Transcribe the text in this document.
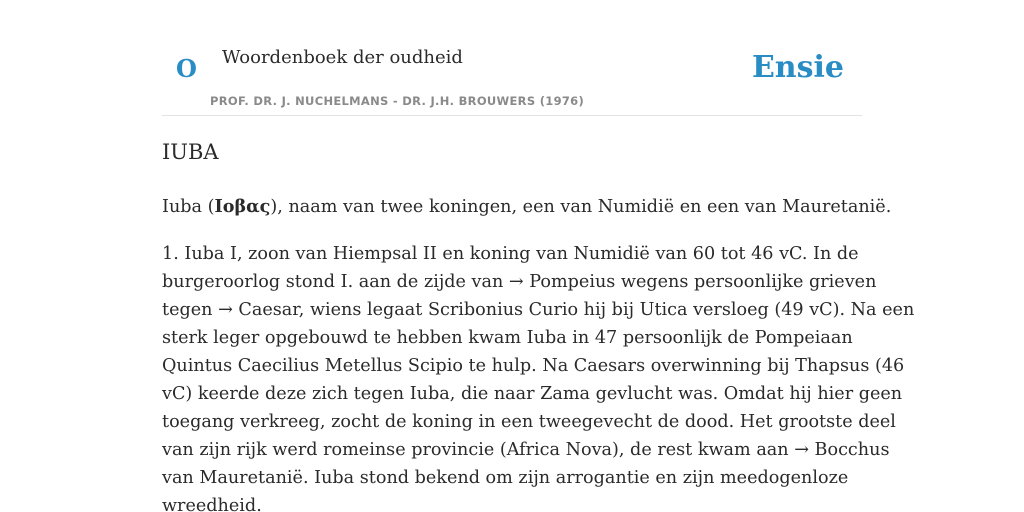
O Woordenboek der oudheid
PROF. DR. J. NUCHELMANS - DR. J.H. BROUWERS (1976)
Ensie
IUBA

Iuba (Ιοβας), naam van twee koningen, een van Numidië en een van Mauretanië.

1. Iuba I, zoon van Hiempsal II en koning van Numidië van 60 tot 46 vC. In de
burgeroorlog stond I. aan de zijde van → Pompeius wegens persoonlijke grieven
tegen → Caesar, wiens legaat Scribonius Curio hij bij Utica versloeg (49 vC). Na een
sterk leger opgebouwd te hebben kwam Iuba in 47 persoonlijk de Pompeiaan
Quintus Caecilius Metellus Scipio te hulp. Na Caesars overwinning bij Thapsus (46
vC) keerde deze zich tegen Iuba, die naar Zama gevlucht was. Omdat hij hier geen
toegang verkreeg, zocht de koning in een tweegevecht de dood. Het grootste deel
van zijn rijk werd romeinse provincie (Africa Nova), de rest kwam aan → Bocchus
van Mauretanië. Iuba stond bekend om zijn arrogantie en zijn meedogenloze
wreedheid.
